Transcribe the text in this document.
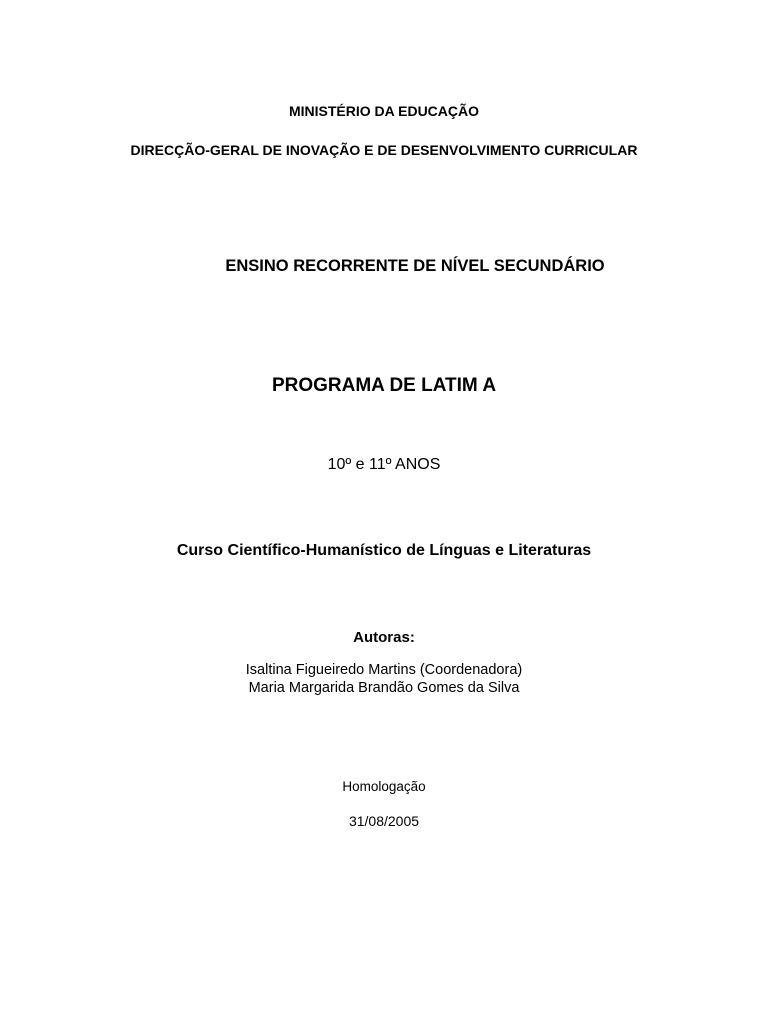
MINISTÉRIO DA EDUCAÇÃO
DIRECÇÃO-GERAL DE INOVAÇÃO E DE DESENVOLVIMENTO CURRICULAR
ENSINO RECORRENTE DE NÍVEL SECUNDÁRIO
PROGRAMA DE LATIM A
10º e 11º ANOS
Curso Científico-Humanístico de Línguas e Literaturas
Autoras:
Isaltina Figueiredo Martins (Coordenadora)
Maria Margarida Brandão Gomes da Silva
Homologação
31/08/2005
